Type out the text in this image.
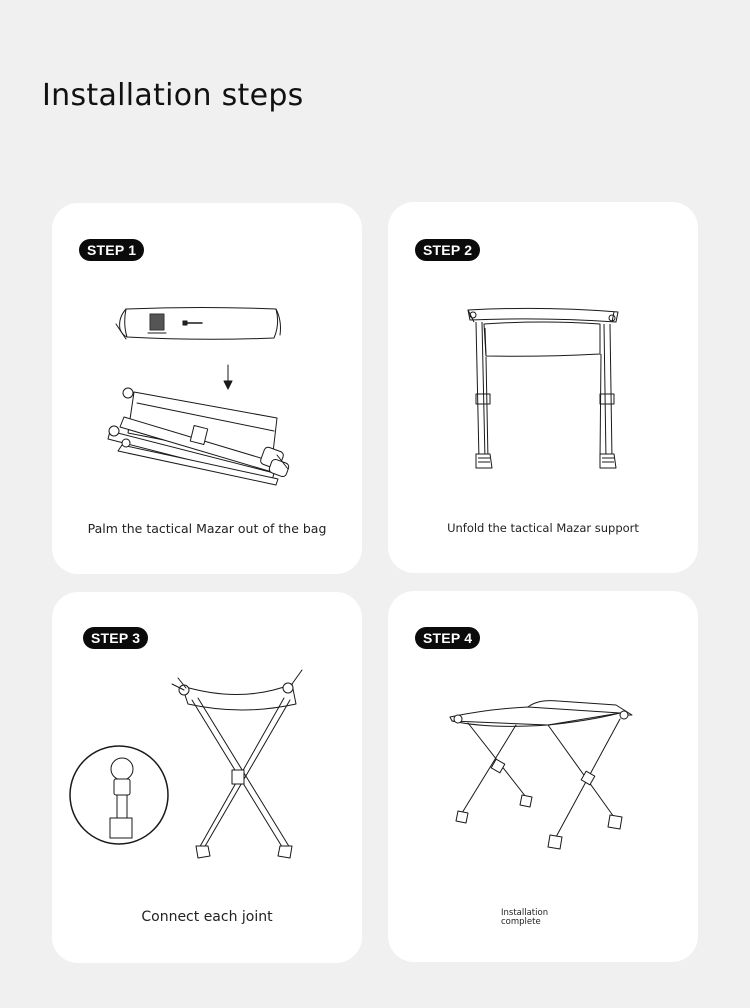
Installation steps
STEP 1
Palm the tactical Mazar out of the bag
STEP 2
Unfold the tactical Mazar support
STEP 3
Connect each joint
STEP 4
Installation complete
